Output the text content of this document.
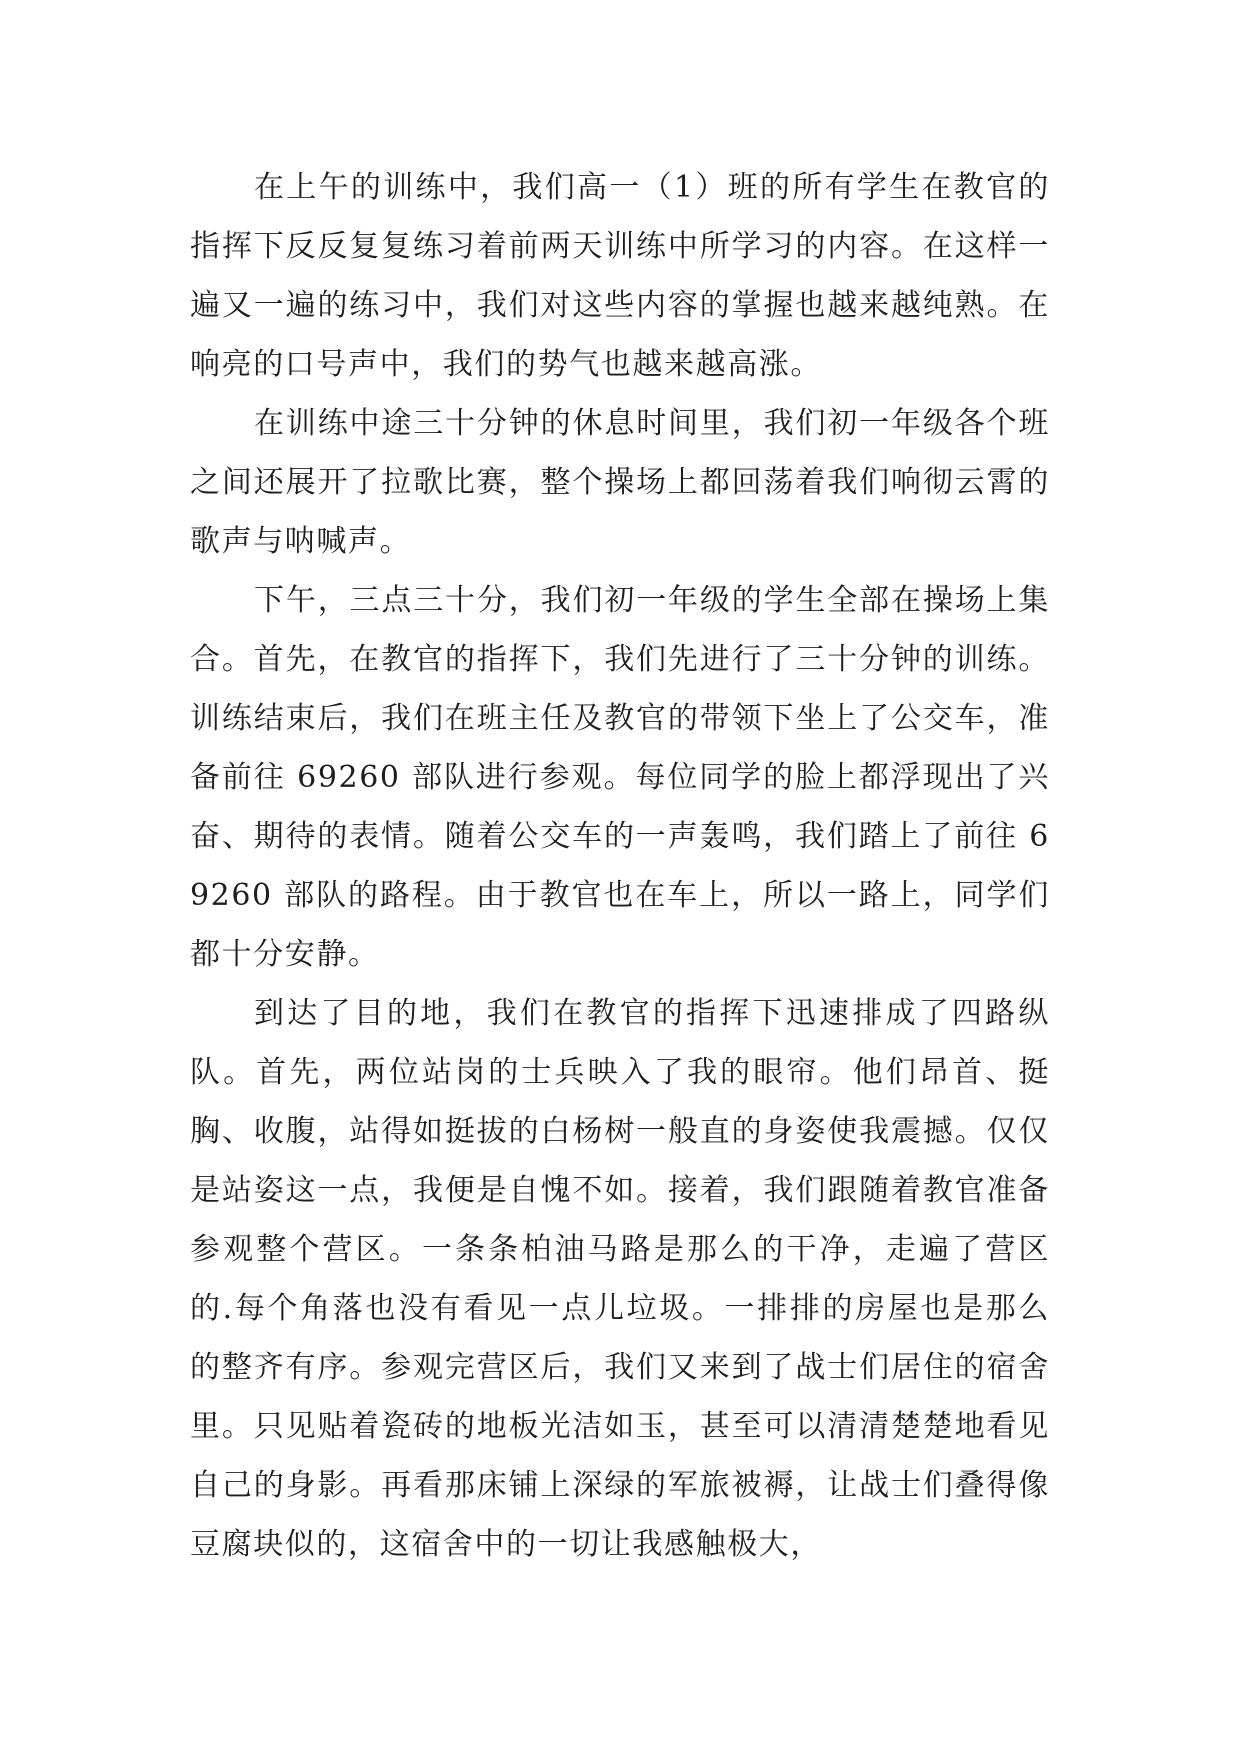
在上午的训练中，我们高一（1）班的所有学生在教官的指挥下反反复复练习着前两天训练中所学习的内容。在这样一遍又一遍的练习中，我们对这些内容的掌握也越来越纯熟。在响亮的口号声中，我们的势气也越来越高涨。

在训练中途三十分钟的休息时间里，我们初一年级各个班之间还展开了拉歌比赛，整个操场上都回荡着我们响彻云霄的歌声与呐喊声。

下午，三点三十分，我们初一年级的学生全部在操场上集合。首先，在教官的指挥下，我们先进行了三十分钟的训练。训练结束后，我们在班主任及教官的带领下坐上了公交车，准备前往 69260 部队进行参观。每位同学的脸上都浮现出了兴奋、期待的表情。随着公交车的一声轰鸣，我们踏上了前往 69260 部队的路程。由于教官也在车上，所以一路上，同学们都十分安静。

到达了目的地，我们在教官的指挥下迅速排成了四路纵队。首先，两位站岗的士兵映入了我的眼帘。他们昂首、挺胸、收腹，站得如挺拔的白杨树一般直的身姿使我震撼。仅仅是站姿这一点，我便是自愧不如。接着，我们跟随着教官准备参观整个营区。一条条柏油马路是那么的干净，走遍了营区的.每个角落也没有看见一点儿垃圾。一排排的房屋也是那么的整齐有序。参观完营区后，我们又来到了战士们居住的宿舍里。只见贴着瓷砖的地板光洁如玉，甚至可以清清楚楚地看见自己的身影。再看那床铺上深绿的军旅被褥，让战士们叠得像豆腐块似的，这宿舍中的一切让我感触极大，
